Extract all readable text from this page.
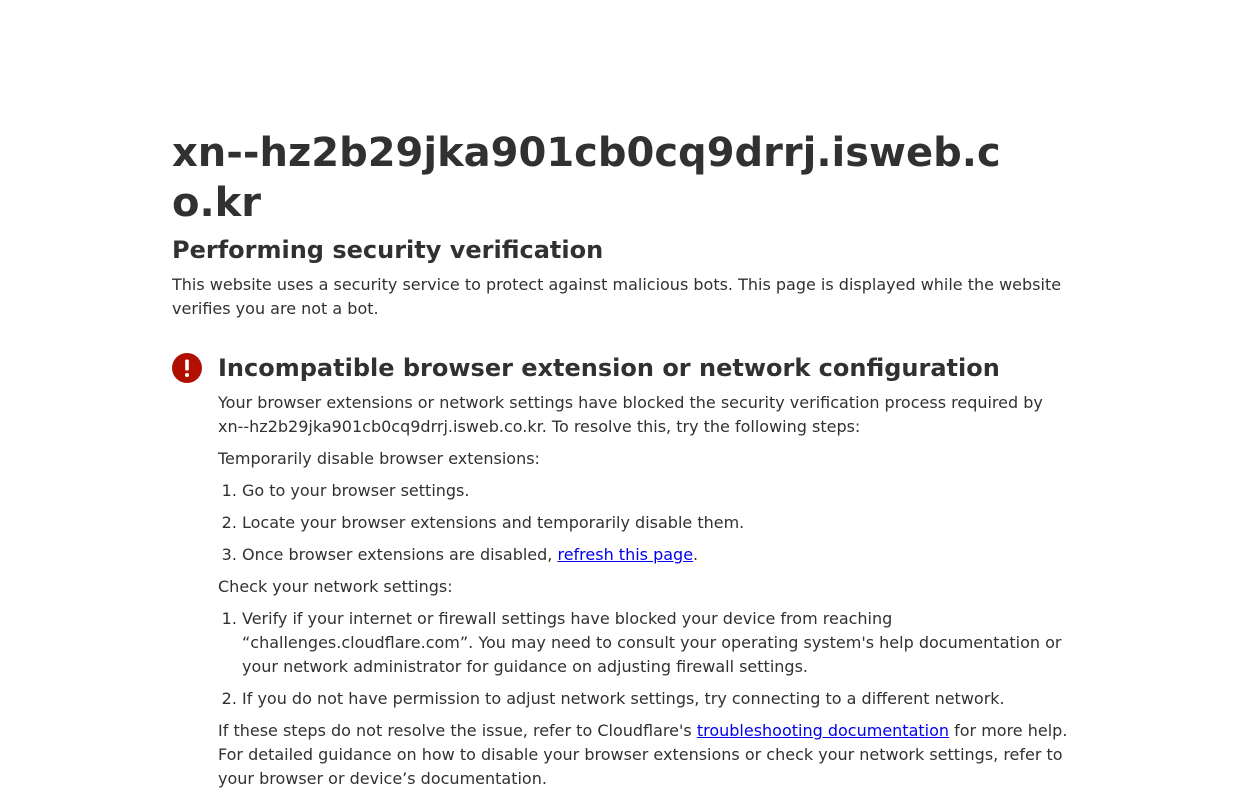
xn--hz2b29jka901cb0cq9drrj.isweb.co.kr
Performing security verification

This website uses a security service to protect against malicious bots. This page is displayed while the website verifies you are not a bot.

Incompatible browser extension or network configuration

Your browser extensions or network settings have blocked the security verification process required by xn--hz2b29jka901cb0cq9drrj.isweb.co.kr. To resolve this, try the following steps:

Temporarily disable browser extensions:

1. Go to your browser settings.
2. Locate your browser extensions and temporarily disable them.
3. Once browser extensions are disabled, refresh this page.

Check your network settings:

1. Verify if your internet or firewall settings have blocked your device from reaching “challenges.cloudflare.com”. You may need to consult your operating system's help documentation or your network administrator for guidance on adjusting firewall settings.
2. If you do not have permission to adjust network settings, try connecting to a different network.

If these steps do not resolve the issue, refer to Cloudflare's troubleshooting documentation for more help. For detailed guidance on how to disable your browser extensions or check your network settings, refer to your browser or device’s documentation.
